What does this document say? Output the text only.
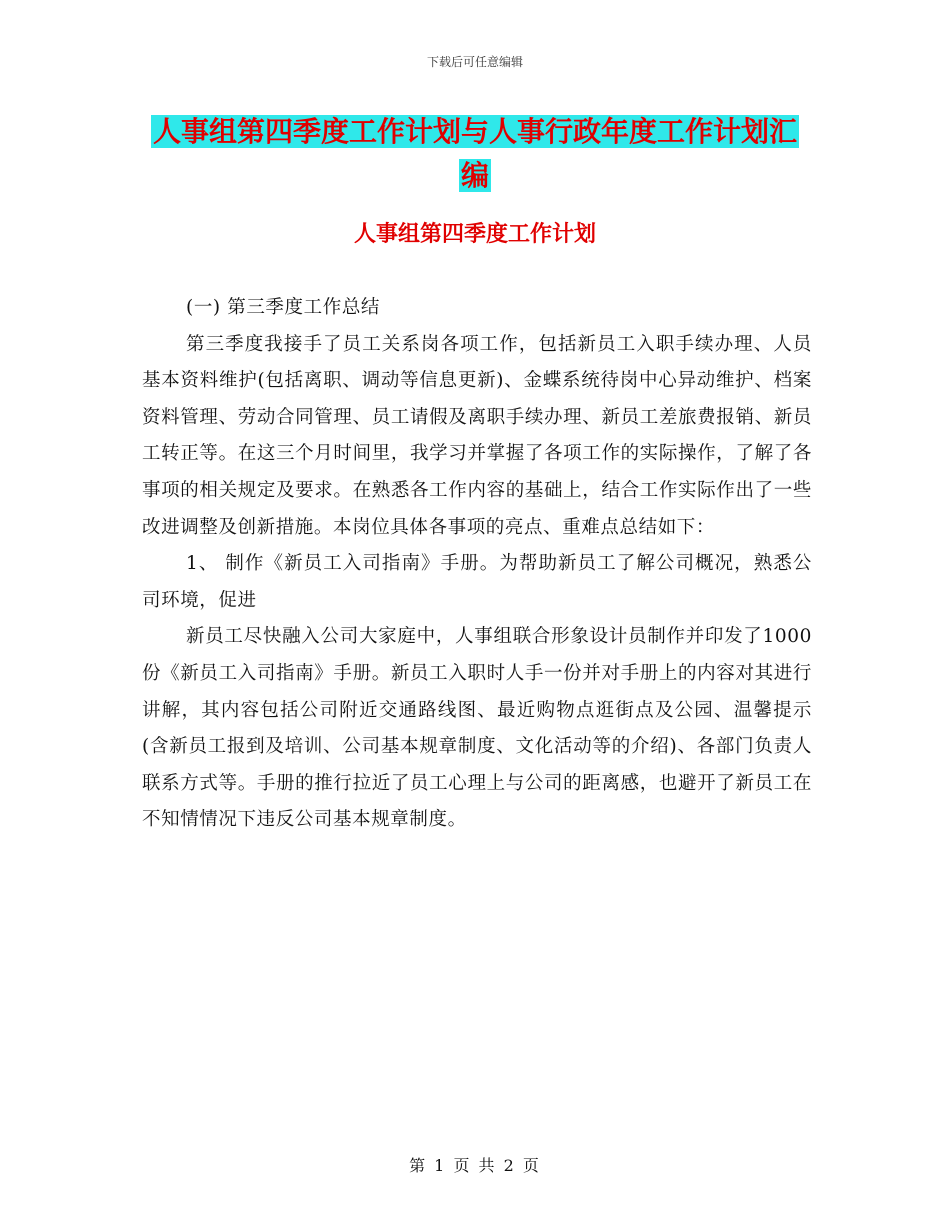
下载后可任意编辑
人事组第四季度工作计划与人事行政年度工作计划汇
编
人事组第四季度工作计划

(一) 第三季度工作总结

第三季度我接手了员工关系岗各项工作，包括新员工入职手续办理、人员基本资料维护(包括离职、调动等信息更新)、金蝶系统待岗中心异动维护、档案资料管理、劳动合同管理、员工请假及离职手续办理、新员工差旅费报销、新员工转正等。在这三个月时间里，我学习并掌握了各项工作的实际操作，了解了各事项的相关规定及要求。在熟悉各工作内容的基础上，结合工作实际作出了一些改进调整及创新措施。本岗位具体各事项的亮点、重难点总结如下：

1、 制作《新员工入司指南》手册。为帮助新员工了解公司概况，熟悉公司环境，促进

新员工尽快融入公司大家庭中，人事组联合形象设计员制作并印发了1000份《新员工入司指南》手册。新员工入职时人手一份并对手册上的内容对其进行讲解，其内容包括公司附近交通路线图、最近购物点逛街点及公园、温馨提示(含新员工报到及培训、公司基本规章制度、文化活动等的介绍)、各部门负责人联系方式等。手册的推行拉近了员工心理上与公司的距离感，也避开了新员工在不知情情况下违反公司基本规章制度。

第 1 页 共 2 页
